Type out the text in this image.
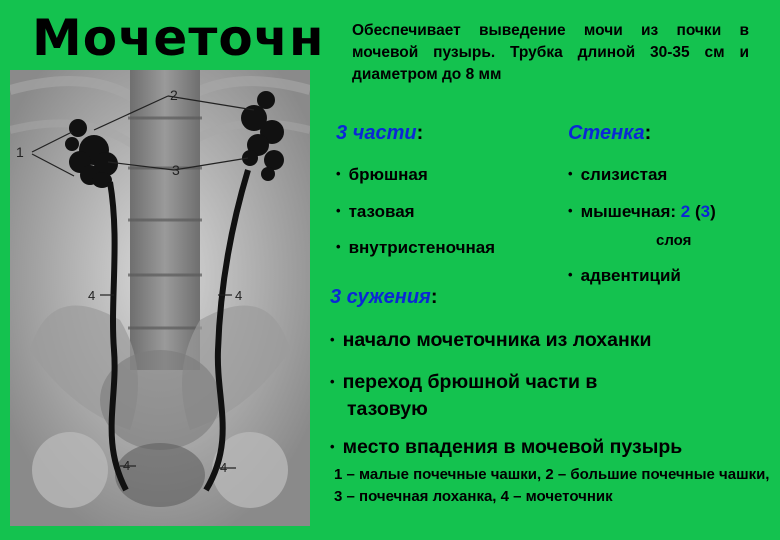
Мочеточн Обеспечивает выведение мочи из почки в мочевой пузырь. Трубка длиной 30-35 см и диаметром до 8 мм
1
2
3
4	4
4	4
3 части:
• брюшная
• тазовая
• внутристеночная
Стенка:
• слизистая
• мышечная: 2 (3)
слоя
• адвентиций
3 сужения:
• начало мочеточника из лоханки
• переход брюшной части в
тазовую
• место впадения в мочевой пузырь
1 – малые почечные чашки, 2 – большие почечные чашки, 3 – почечная лоханка, 4 – мочеточник
